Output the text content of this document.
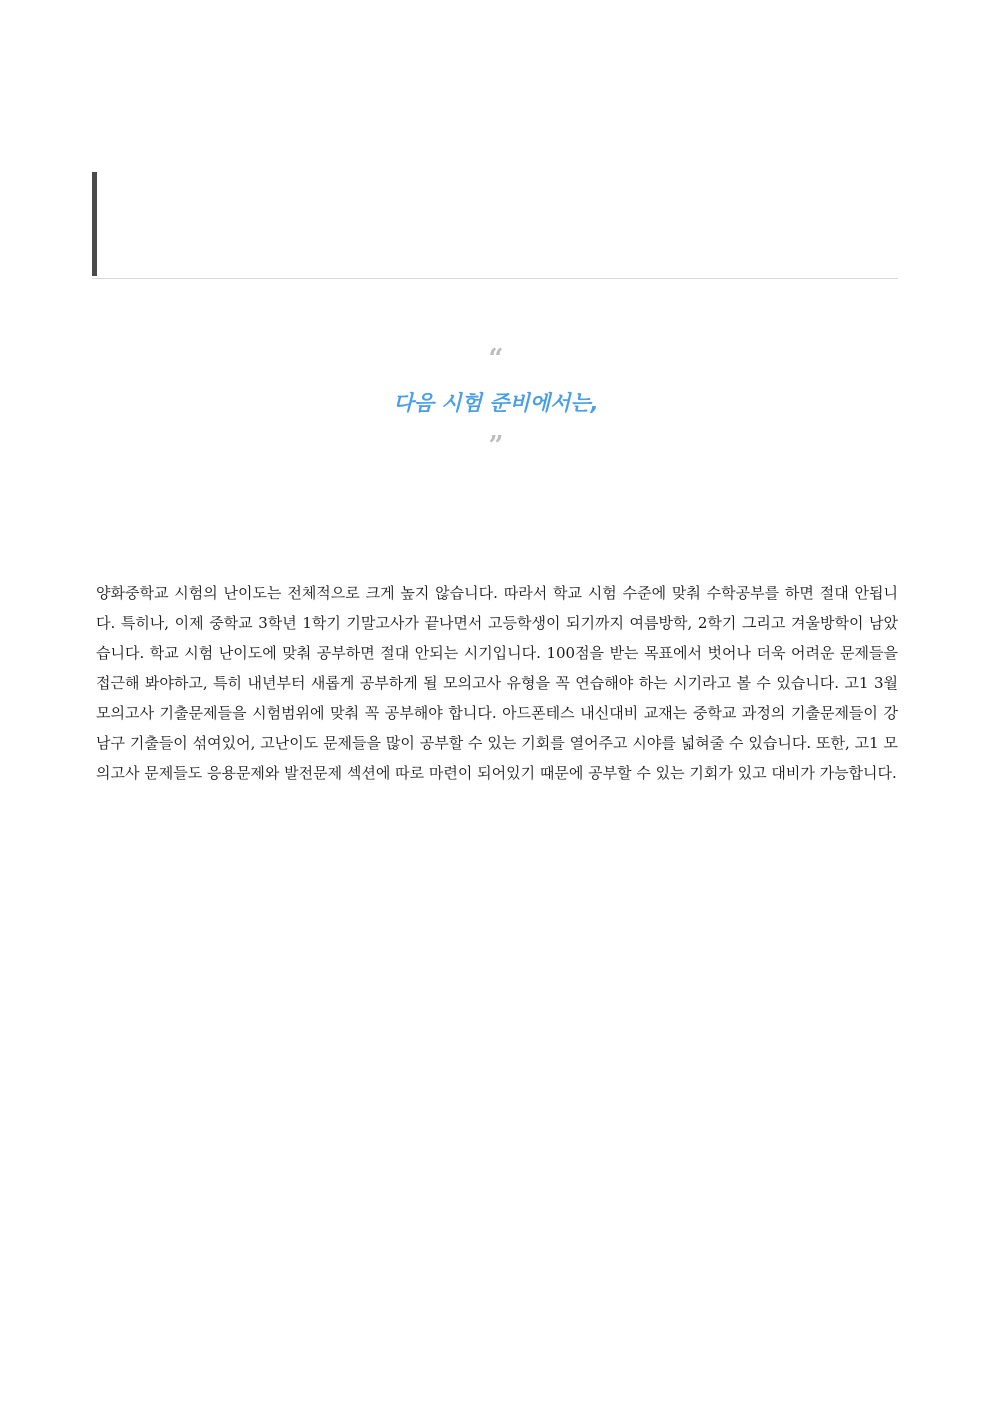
“
다음 시험 준비에서는,
”

양화중학교 시험의 난이도는 전체적으로 크게 높지 않습니다. 따라서 학교 시험 수준에 맞춰 수학공부를 하면 절대 안됩니다. 특히나, 이제 중학교 3학년 1학기 기말고사가 끝나면서 고등학생이 되기까지 여름방학, 2학기 그리고 겨울방학이 남았습니다. 학교 시험 난이도에 맞춰 공부하면 절대 안되는 시기입니다. 100점을 받는 목표에서 벗어나 더욱 어려운 문제들을 접근해 봐야하고, 특히 내년부터 새롭게 공부하게 될 모의고사 유형을 꼭 연습해야 하는 시기라고 볼 수 있습니다. 고1 3월 모의고사 기출문제들을 시험범위에 맞춰 꼭 공부해야 합니다. 아드폰테스 내신대비 교재는 중학교 과정의 기출문제들이 강남구 기출들이 섞여있어, 고난이도 문제들을 많이 공부할 수 있는 기회를 열어주고 시야를 넓혀줄 수 있습니다. 또한, 고1 모의고사 문제들도 응용문제와 발전문제 섹션에 따로 마련이 되어있기 때문에 공부할 수 있는 기회가 있고 대비가 가능합니다.
